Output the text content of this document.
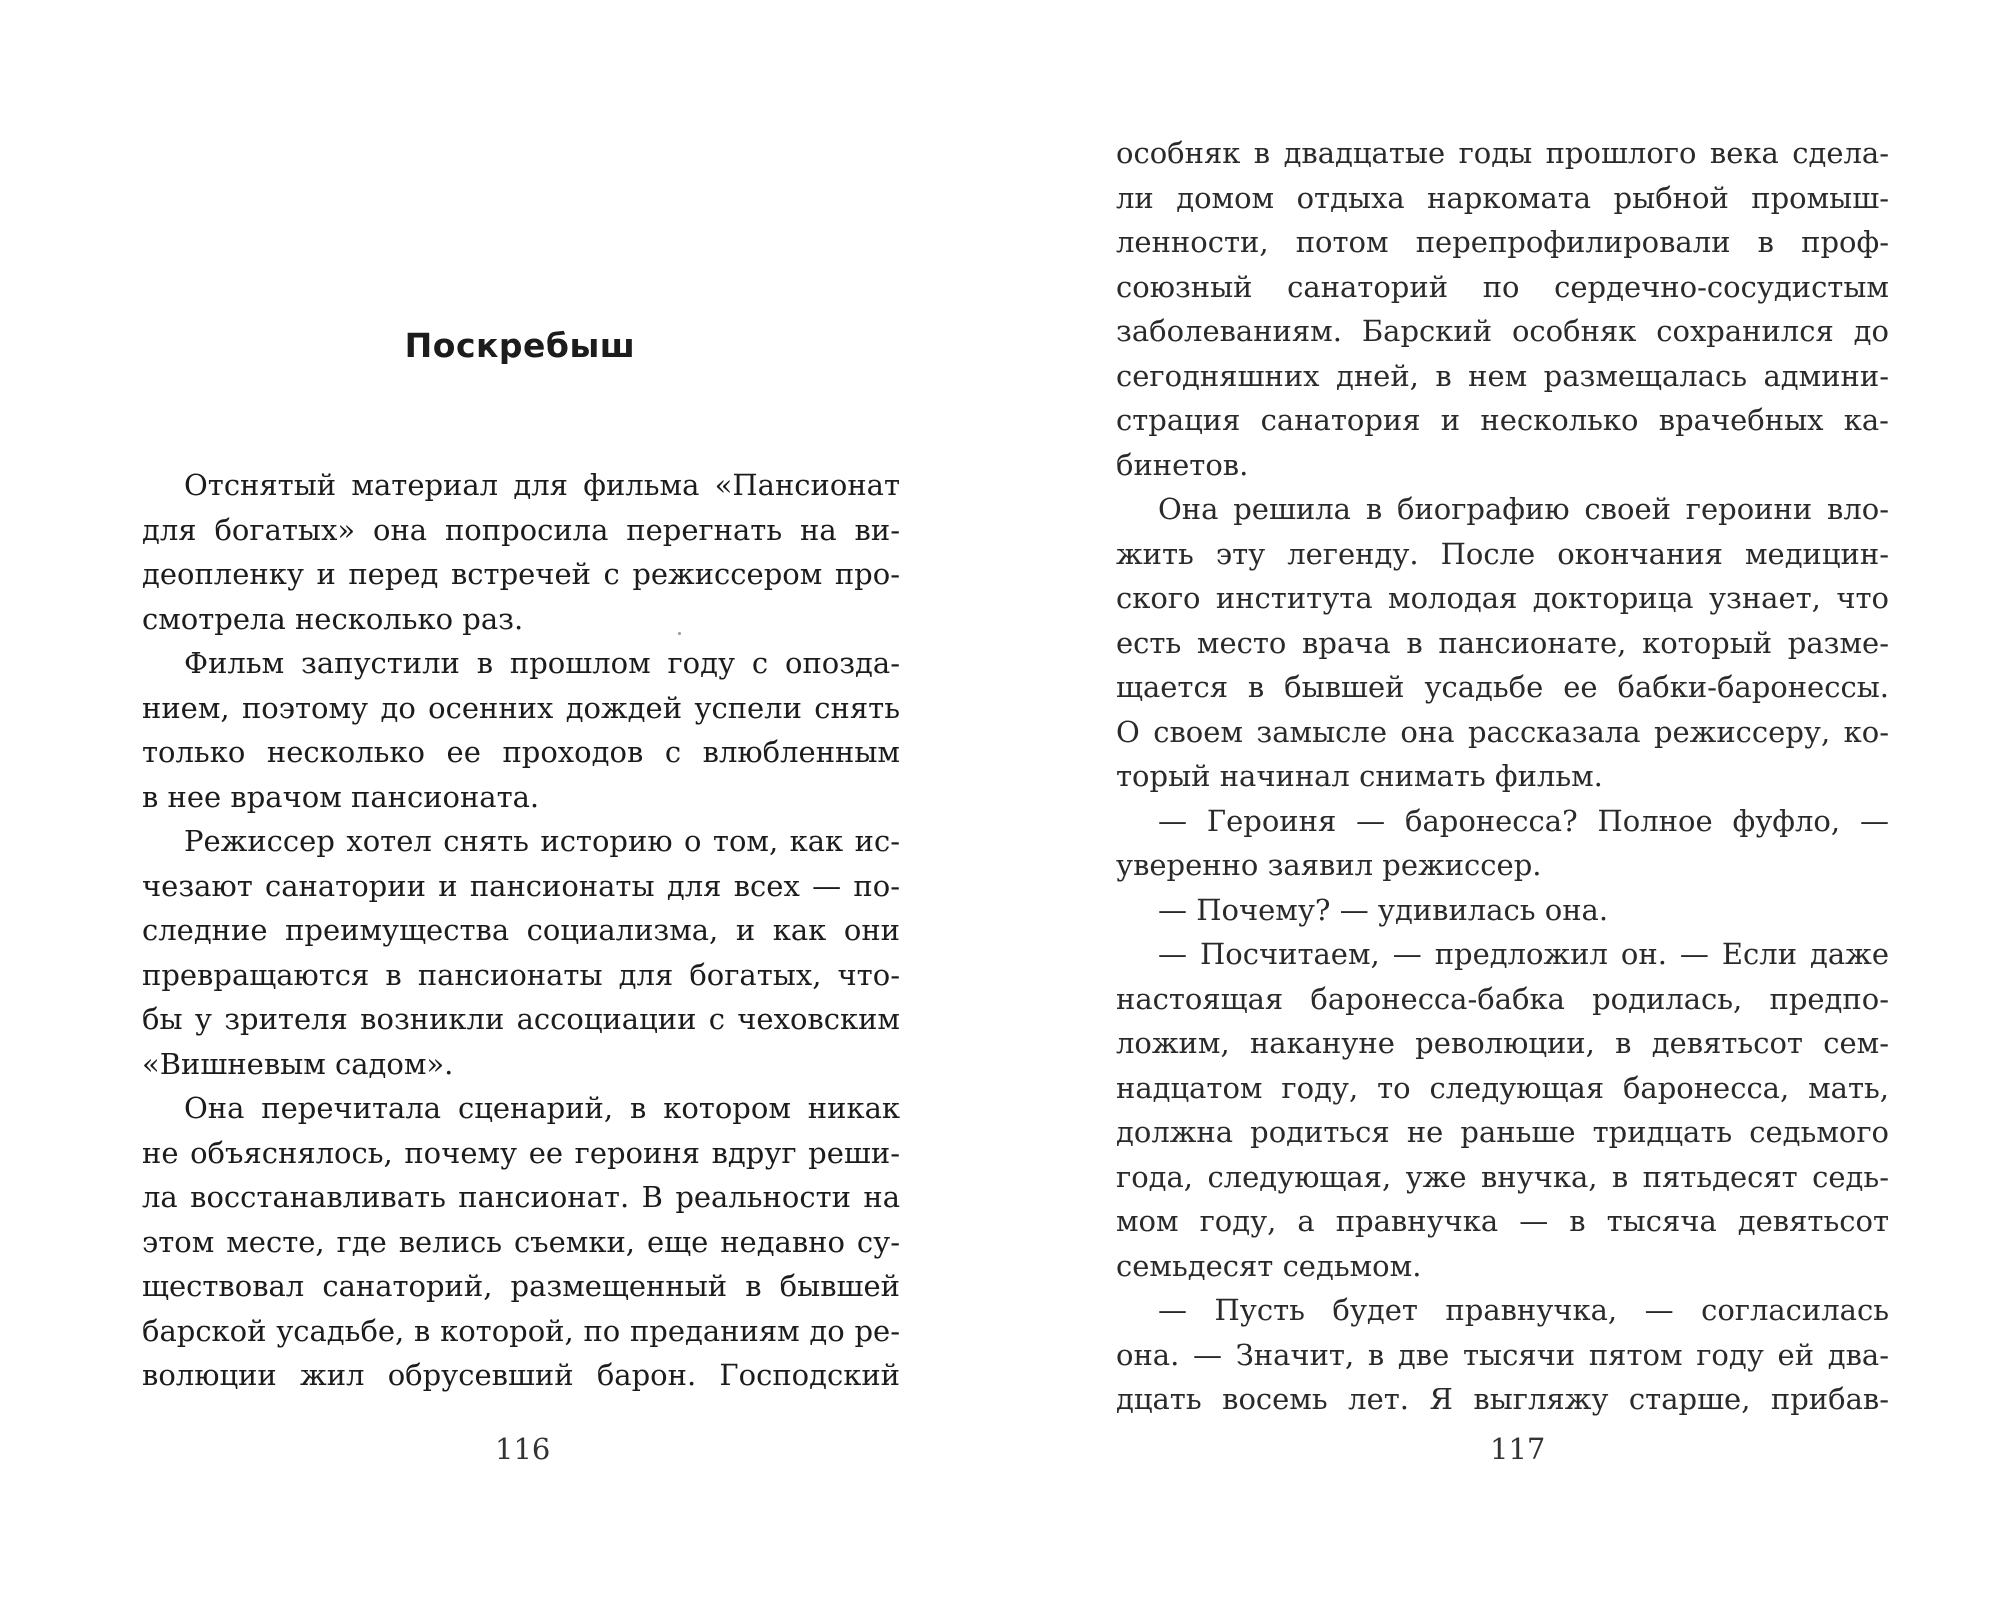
Поскребыш
Отснятый материал для фильма «Пансионат
для богатых» она попросила перегнать на ви-
деопленку и перед встречей с режиссером про-
смотрела несколько раз.
Фильм запустили в прошлом году с опозда-
нием, поэтому до осенних дождей успели снять
только несколько ее проходов с влюбленным
в нее врачом пансионата.
Режиссер хотел снять историю о том, как ис-
чезают санатории и пансионаты для всех — по-
следние преимущества социализма, и как они
превращаются в пансионаты для богатых, что-
бы у зрителя возникли ассоциации с чеховским
«Вишневым садом».
Она перечитала сценарий, в котором никак
не объяснялось, почему ее героиня вдруг реши-
ла восстанавливать пансионат. В реальности на
этом месте, где велись съемки, еще недавно су-
ществовал санаторий, размещенный в бывшей
барской усадьбе, в которой, по преданиям до ре-
волюции жил обрусевший барон. Господский
116
особняк в двадцатые годы прошлого века сдела-
ли домом отдыха наркомата рыбной промыш-
ленности, потом перепрофилировали в проф-
союзный санаторий по сердечно-сосудистым
заболеваниям. Барский особняк сохранился до
сегодняшних дней, в нем размещалась админи-
страция санатория и несколько врачебных ка-
бинетов.
Она решила в биографию своей героини вло-
жить эту легенду. После окончания медицин-
ского института молодая докторица узнает, что
есть место врача в пансионате, который разме-
щается в бывшей усадьбе ее бабки-баронессы.
О своем замысле она рассказала режиссеру, ко-
торый начинал снимать фильм.
— Героиня — баронесса? Полное фуфло, —
уверенно заявил режиссер.
— Почему? — удивилась она.
— Посчитаем, — предложил он. — Если даже
настоящая баронесса-бабка родилась, предпо-
ложим, накануне революции, в девятьсот сем-
надцатом году, то следующая баронесса, мать,
должна родиться не раньше тридцать седьмого
года, следующая, уже внучка, в пятьдесят седь-
мом году, а правнучка — в тысяча девятьсот
семьдесят седьмом.
— Пусть будет правнучка, — согласилась
она. — Значит, в две тысячи пятом году ей два-
дцать восемь лет. Я выгляжу старше, прибав-
117
